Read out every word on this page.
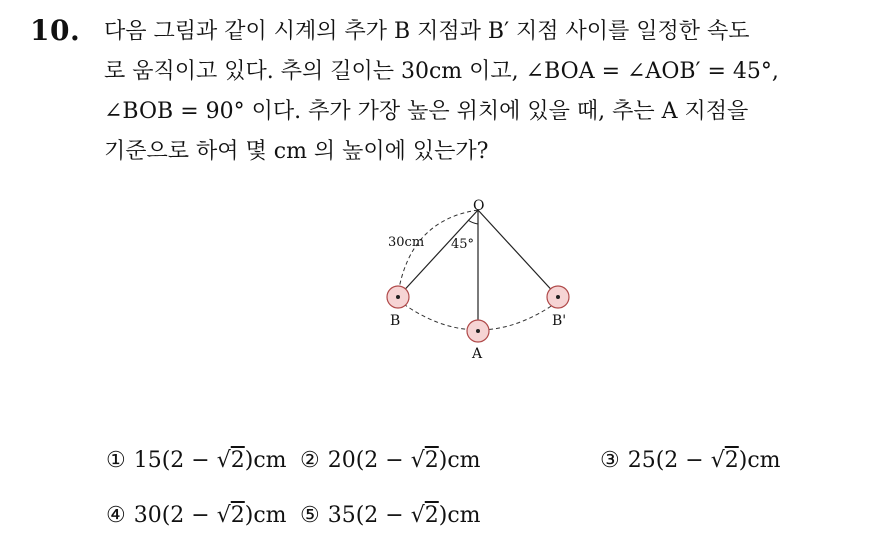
10. 다음 그림과 같이 시계의 추가 B 지점과 B′ 지점 사이를 일정한 속도
로 움직이고 있다. 추의 길이는 30cm 이고, ∠BOA = ∠AOB′ = 45°,
∠BOB = 90° 이다. 추가 가장 높은 위치에 있을 때, 추는 A 지점을
기준으로 하여 몇 cm 의 높이에 있는가?
O
30cm 45°
B
A
B'
① 15(2 − √2)cm ② 20(2 − √2)cm	③ 25(2 − √2)cm
④ 30(2 − √2)cm ⑤ 35(2 − √2)cm
